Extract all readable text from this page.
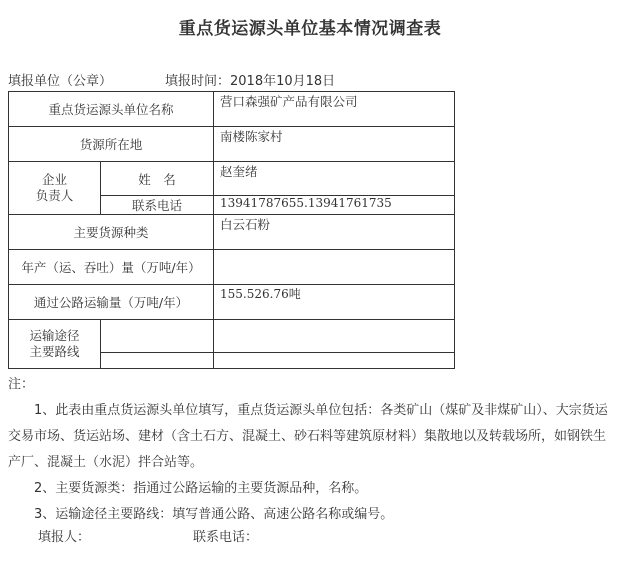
重点货运源头单位基本情况调查表
填报单位（公章）	填报时间：2018年10月18日
重点货运源头单位名称		营口森强矿产品有限公司
货源所在地		南楼陈家村
企业
负责人	姓　名	赵奎绪
	联系电话	13941787655.13941761735
主要货源种类		白云石粉
年产（运、吞吐）量（万吨/年）		
通过公路运输量（万吨/年）		155.526.76吨
运输途径
主要路线		

注：

1、此表由重点货运源头单位填写，重点货运源头单位包括：各类矿山（煤矿及非煤矿山）、大宗货运交易市场、货运站场、建材（含土石方、混凝土、砂石料等建筑原材料）集散地以及转载场所，如钢铁生产厂、混凝土（水泥）拌合站等。

2、主要货源类：指通过公路运输的主要货源品种，名称。

3、运输途径主要路线：填写普通公路、高速公路名称或编号。

填报人：	联系电话：
